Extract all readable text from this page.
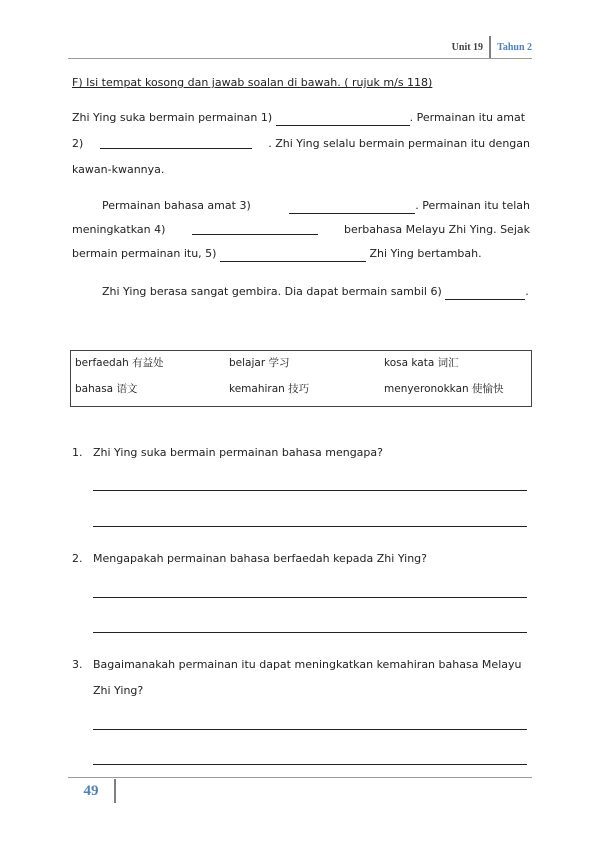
Unit 19	Tahun 2
F) Isi tempat kosong dan jawab soalan di bawah. ( rujuk m/s 118)
Zhi Ying suka bermain permainan 1)	. Permainan itu amat
2)	. Zhi Ying selalu bermain permainan itu dengan
kawan-kwannya.
Permainan bahasa amat 3)	. Permainan itu telah
meningkatkan 4)	berbahasa Melayu Zhi Ying. Sejak
bermain permainan itu, 5)	Zhi Ying bertambah.
Zhi Ying berasa sangat gembira. Dia dapat bermain sambil 6)	.
berfaedah 有益处	belajar 学习	kosa kata 词汇
bahasa 语文	kemahiran 技巧	menyeronokkan 使愉快
1. Zhi Ying suka bermain permainan bahasa mengapa?
2. Mengapakah permainan bahasa berfaedah kepada Zhi Ying?
3. Bagaimanakah permainan itu dapat meningkatkan kemahiran bahasa Melayu
Zhi Ying?
49
